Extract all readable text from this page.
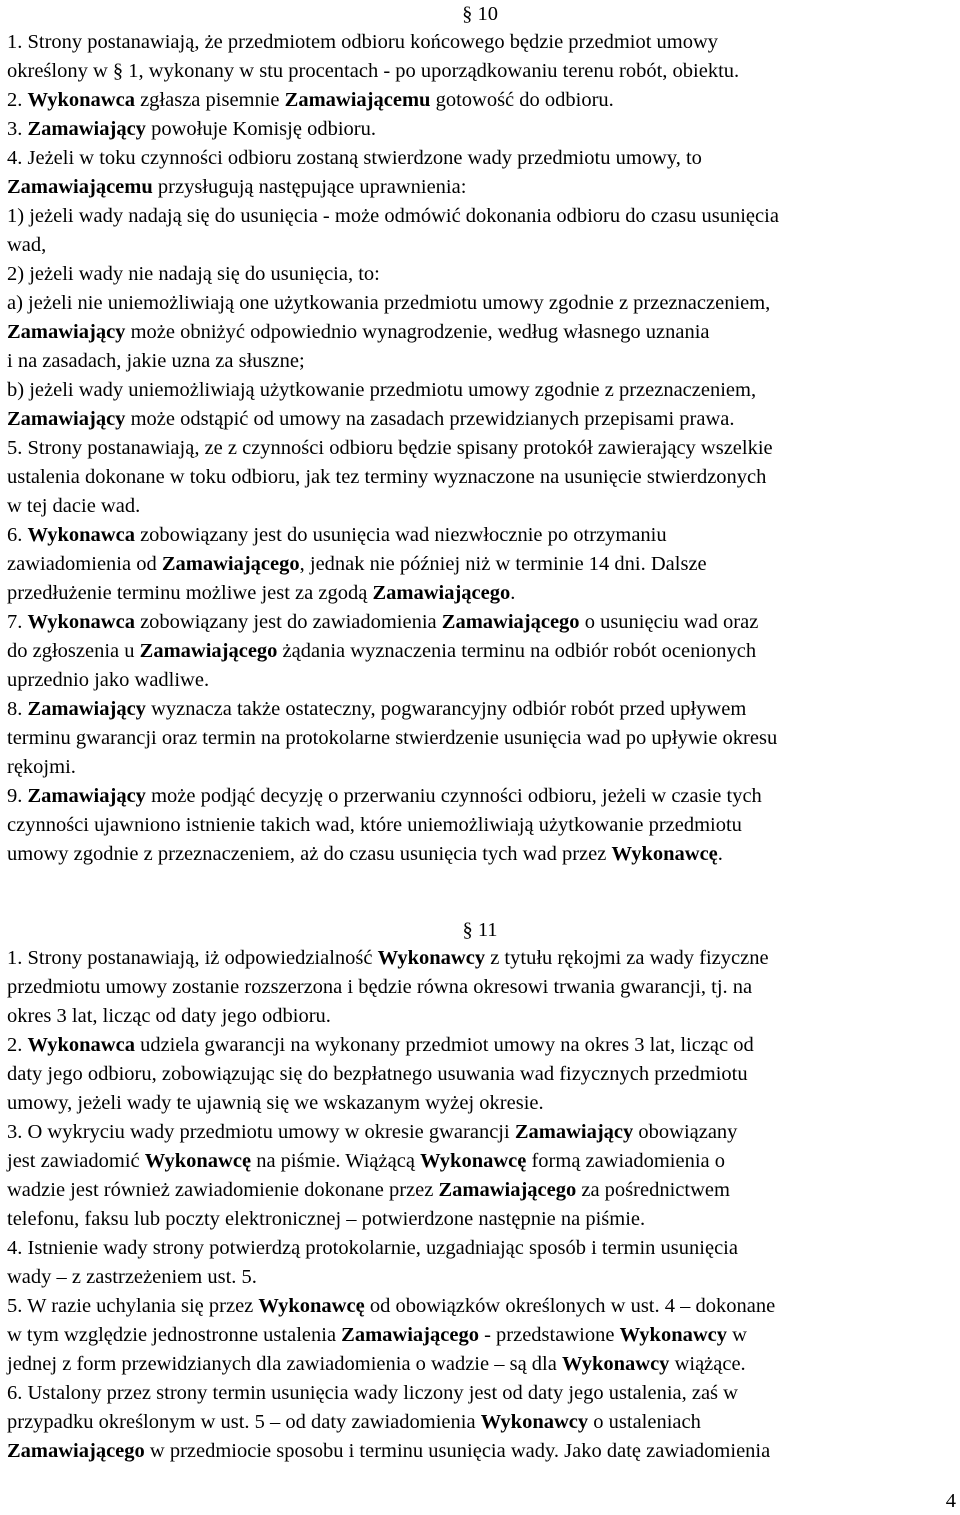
§ 10
1. Strony postanawiają, że przedmiotem odbioru końcowego będzie przedmiot umowy
określony w § 1, wykonany w stu procentach - po uporządkowaniu terenu robót, obiektu.
2. Wykonawca zgłasza pisemnie Zamawiającemu gotowość do odbioru.
3. Zamawiający powołuje Komisję odbioru.
4. Jeżeli w toku czynności odbioru zostaną stwierdzone wady przedmiotu umowy, to
Zamawiającemu przysługują następujące uprawnienia:
1) jeżeli wady nadają się do usunięcia - może odmówić dokonania odbioru do czasu usunięcia
wad,
2) jeżeli wady nie nadają się do usunięcia, to:
a) jeżeli nie uniemożliwiają one użytkowania przedmiotu umowy zgodnie z przeznaczeniem,
Zamawiający może obniżyć odpowiednio wynagrodzenie, według własnego uznania
i na zasadach, jakie uzna za słuszne;
b) jeżeli wady uniemożliwiają użytkowanie przedmiotu umowy zgodnie z przeznaczeniem,
Zamawiający może odstąpić od umowy na zasadach przewidzianych przepisami prawa.
5. Strony postanawiają, ze z czynności odbioru będzie spisany protokół zawierający wszelkie
ustalenia dokonane w toku odbioru, jak tez terminy wyznaczone na usunięcie stwierdzonych
w tej dacie wad.
6. Wykonawca zobowiązany jest do usunięcia wad niezwłocznie po otrzymaniu
zawiadomienia od Zamawiającego, jednak nie później niż w terminie 14 dni. Dalsze
przedłużenie terminu możliwe jest za zgodą Zamawiającego.
7. Wykonawca zobowiązany jest do zawiadomienia Zamawiającego o usunięciu wad oraz
do zgłoszenia u Zamawiającego żądania wyznaczenia terminu na odbiór robót ocenionych
uprzednio jako wadliwe.
8. Zamawiający wyznacza także ostateczny, pogwarancyjny odbiór robót przed upływem
terminu gwarancji oraz termin na protokolarne stwierdzenie usunięcia wad po upływie okresu
rękojmi.
9. Zamawiający może podjąć decyzję o przerwaniu czynności odbioru, jeżeli w czasie tych
czynności ujawniono istnienie takich wad, które uniemożliwiają użytkowanie przedmiotu
umowy zgodnie z przeznaczeniem, aż do czasu usunięcia tych wad przez Wykonawcę.
§ 11
1. Strony postanawiają, iż odpowiedzialność Wykonawcy z tytułu rękojmi za wady fizyczne
przedmiotu umowy zostanie rozszerzona i będzie równa okresowi trwania gwarancji, tj. na
okres 3 lat, licząc od daty jego odbioru.
2. Wykonawca udziela gwarancji na wykonany przedmiot umowy na okres 3 lat, licząc od
daty jego odbioru, zobowiązując się do bezpłatnego usuwania wad fizycznych przedmiotu
umowy, jeżeli wady te ujawnią się we wskazanym wyżej okresie.
3. O wykryciu wady przedmiotu umowy w okresie gwarancji Zamawiający obowiązany
jest zawiadomić Wykonawcę na piśmie. Wiążącą Wykonawcę formą zawiadomienia o
wadzie jest również zawiadomienie dokonane przez Zamawiającego za pośrednictwem
telefonu, faksu lub poczty elektronicznej – potwierdzone następnie na piśmie.
4. Istnienie wady strony potwierdzą protokolarnie, uzgadniając sposób i termin usunięcia
wady – z zastrzeżeniem ust. 5.
5. W razie uchylania się przez Wykonawcę od obowiązków określonych w ust. 4 – dokonane
w tym względzie jednostronne ustalenia Zamawiającego - przedstawione Wykonawcy w
jednej z form przewidzianych dla zawiadomienia o wadzie – są dla Wykonawcy wiążące.
6. Ustalony przez strony termin usunięcia wady liczony jest od daty jego ustalenia, zaś w
przypadku określonym w ust. 5 – od daty zawiadomienia Wykonawcy o ustaleniach
Zamawiającego w przedmiocie sposobu i terminu usunięcia wady. Jako datę zawiadomienia
4
